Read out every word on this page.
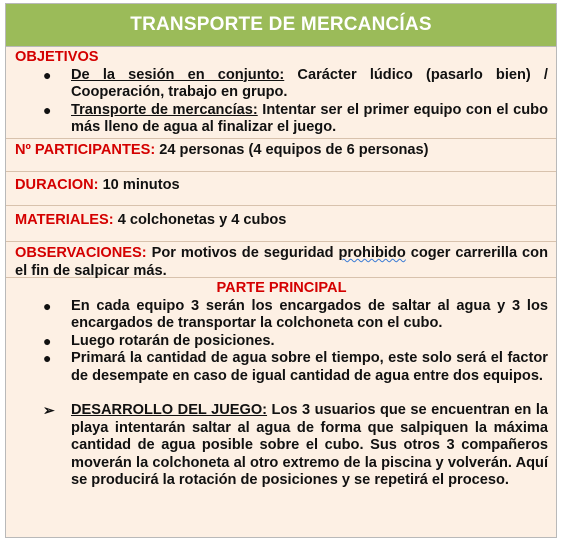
TRANSPORTE DE MERCANCÍAS
OBJETIVOS
● De la sesión en conjunto: Carácter lúdico (pasarlo bien) / Cooperación, trabajo en grupo.
● Transporte de mercancías: Intentar ser el primer equipo con el cubo más lleno de agua al finalizar el juego.
Nº PARTICIPANTES: 24 personas (4 equipos de 6 personas)
DURACION: 10 minutos
MATERIALES: 4 colchonetas y 4 cubos
OBSERVACIONES: Por motivos de seguridad prohibido coger carrerilla con el fin de salpicar más.
PARTE PRINCIPAL
● En cada equipo 3 serán los encargados de saltar al agua y 3 los encargados de transportar la colchoneta con el cubo.
● Luego rotarán de posiciones.
● Primará la cantidad de agua sobre el tiempo, este solo será el factor de desempate en caso de igual cantidad de agua entre dos equipos.
➢ DESARROLLO DEL JUEGO: Los 3 usuarios que se encuentran en la playa intentarán saltar al agua de forma que salpiquen la máxima cantidad de agua posible sobre el cubo. Sus otros 3 compañeros moverán la colchoneta al otro extremo de la piscina y volverán. Aquí se producirá la rotación de posiciones y se repetirá el proceso.
